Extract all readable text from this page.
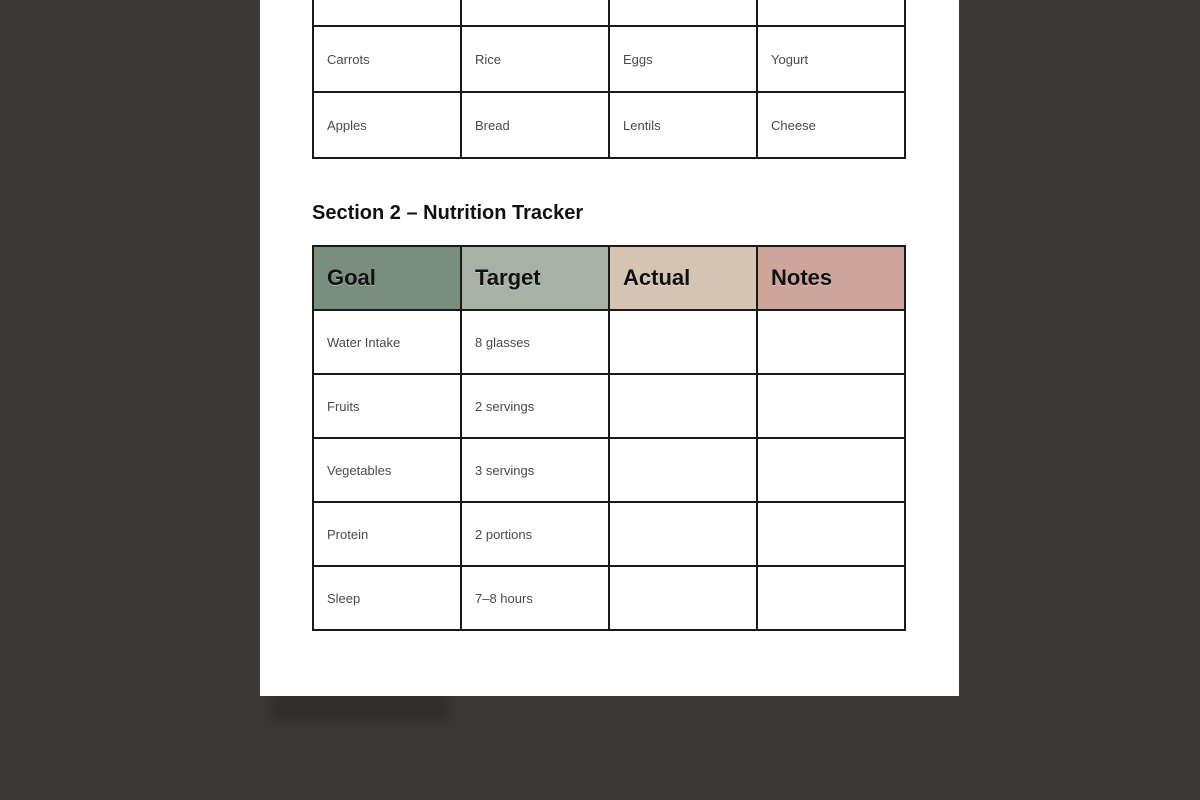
Carrots	Rice	Eggs	Yogurt
Apples	Bread	Lentils	Cheese
Section 2 – Nutrition Tracker
Goal	Target	Actual	Notes
Water Intake	8 glasses		
Fruits	2 servings		
Vegetables	3 servings		
Protein	2 portions		
Sleep	7–8 hours		
